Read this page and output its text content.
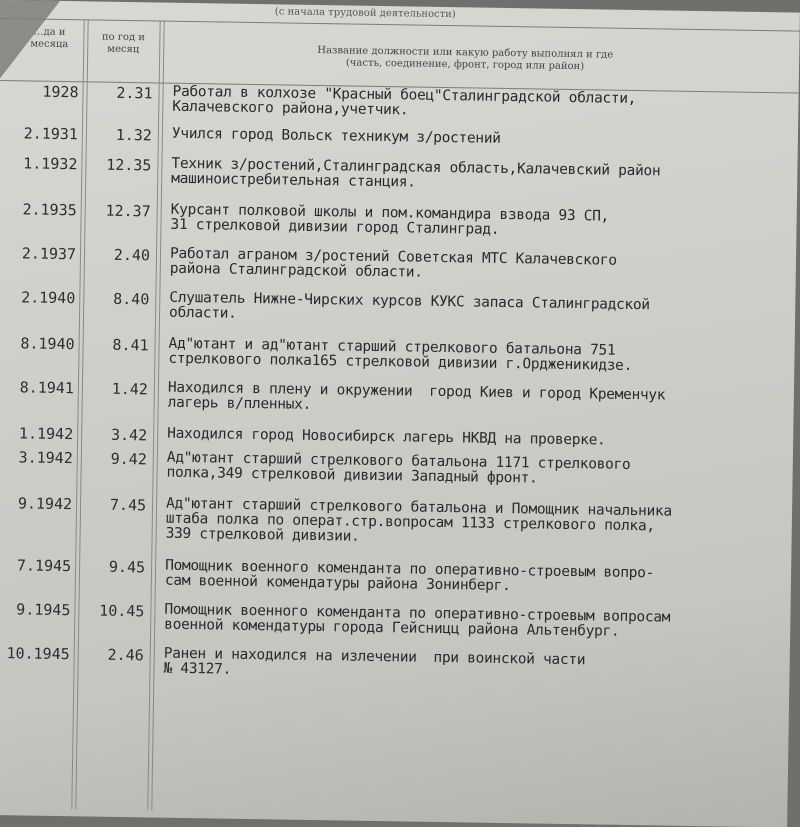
(с начала трудовой деятельности)
…да и
месяца
по год и
месяц	Название должности или какую работу выполнял и где
(часть, соединение, фронт, город или район)
1928	2.31 Работал в колхозе "Красный боец"Сталинградской области,
Калачевского района,учетчик.
2.1931	1.32 Учился город Вольск техникум з/ростений
1.1932	12.35 Техник з/ростений,Сталинградская область,Калачевский район
машиноистребительная станция.
2.1935	12.37 Курсант полковой школы и пом.командира взвода 93 СП,
31 стрелковой дивизии город Сталинград.
2.1937	2.40 Работал аграном з/ростений Советская МТС Калачевского
района Сталинградской области.
2.1940	8.40 Слушатель Нижне-Чирских курсов КУКС запаса Сталинградской
области.
8.1940	8.41 Ад"ютант и ад"ютант старший стрелкового батальона 751
стрелкового полка165 стрелковой дивизии г.Орджeникидзе.
8.1941	1.42 Находился в плену и окружении  город Киев и город Кременчук
лагерь в/пленных.
1.1942	3.42 Находился город Новосибирск лагерь НКВД на проверке.
3.1942	9.42 Ад"ютант старший стрелкового батальона 1171 стрелкового
полка,349 стрелковой дивизии Западный фронт.
9.1942	7.45 Ад"ютант старший стрелкового батальона и Помощник начальника
штаба полка по операт.стр.вопросам 1133 стрелкового полка,
339 стрелковой дивизии.
7.1945	9.45 Помощник военного коменданта по оперативно-строевым вопро-
сам военной комендатуры района Зонинберг.
9.1945	10.45 Помощник военного коменданта по оперативно-строевым вопросам
военной комендатуры города Гейсницц района Альтенбург.
10.1945	2.46 Ранен и находился на излечении  при воинской части
№ 43127.
